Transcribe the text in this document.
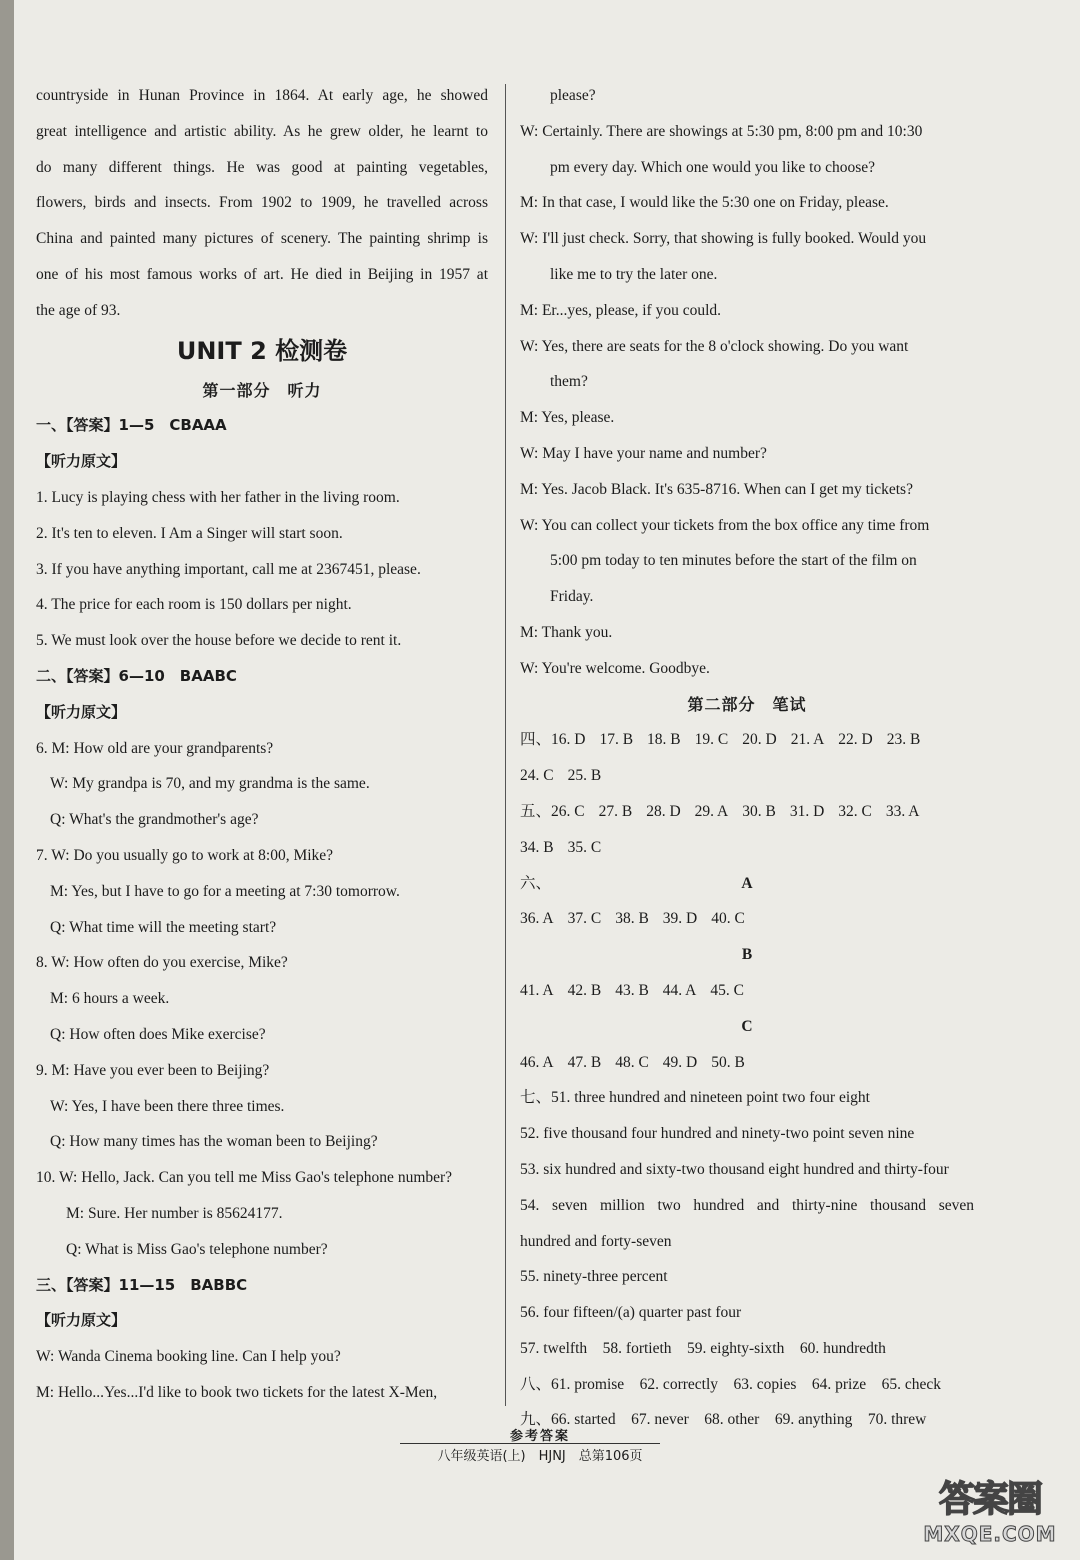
countryside in Hunan Province in 1864. At early age, he showed
great intelligence and artistic ability. As he grew older, he learnt to
do many different things. He was good at painting vegetables,
flowers, birds and insects. From 1902 to 1909, he travelled across
China and painted many pictures of scenery. The painting shrimp is
one of his most famous works of art. He died in Beijing in 1957 at
the age of 93.
UNIT 2 检测卷
第一部分　听力
一、【答案】1—5　CBAAA
【听力原文】
1. Lucy is playing chess with her father in the living room.
2. It's ten to eleven. I Am a Singer will start soon.
3. If you have anything important, call me at 2367451, please.
4. The price for each room is 150 dollars per night.
5. We must look over the house before we decide to rent it.
二、【答案】6—10　BAABC
【听力原文】
6. M: How old are your grandparents?
W: My grandpa is 70, and my grandma is the same.
Q: What's the grandmother's age?
7. W: Do you usually go to work at 8:00, Mike?
M: Yes, but I have to go for a meeting at 7:30 tomorrow.
Q: What time will the meeting start?
8. W: How often do you exercise, Mike?
M: 6 hours a week.
Q: How often does Mike exercise?
9. M: Have you ever been to Beijing?
W: Yes, I have been there three times.
Q: How many times has the woman been to Beijing?
10. W: Hello, Jack. Can you tell me Miss Gao's telephone number?
M: Sure. Her number is 85624177.
Q: What is Miss Gao's telephone number?
三、【答案】11—15　BABBC
【听力原文】
W: Wanda Cinema booking line. Can I help you?
M: Hello...Yes...I'd like to book two tickets for the latest X-Men,
please?
W: Certainly. There are showings at 5:30 pm, 8:00 pm and 10:30
pm every day. Which one would you like to choose?
M: In that case, I would like the 5:30 one on Friday, please.
W: I'll just check. Sorry, that showing is fully booked. Would you
like me to try the later one.
M: Er...yes, please, if you could.
W: Yes, there are seats for the 8 o'clock showing. Do you want
them?
M: Yes, please.
W: May I have your name and number?
M: Yes. Jacob Black. It's 635-8716. When can I get my tickets?
W: You can collect your tickets from the box office any time from
5:00 pm today to ten minutes before the start of the film on
Friday.
M: Thank you.
W: You're welcome. Goodbye.
第二部分　笔试
四、16. D 17. B 18. B 19. C 20. D 21. A 22. D 23. B
24. C 25. B
五、26. C 27. B 28. D 29. A 30. B 31. D 32. C 33. A
34. B 35. C
六、	A
36. A 37. C 38. B 39. D 40. C
B
41. A 42. B 43. B 44. A 45. C
C
46. A 47. B 48. C 49. D 50. B
七、51. three hundred and nineteen point two four eight
52. five thousand four hundred and ninety-two point seven nine
53. six hundred and sixty-two thousand eight hundred and thirty-four
54. seven million two hundred and thirty-nine thousand seven
hundred and forty-seven
55. ninety-three percent
56. four fifteen/(a) quarter past four
57. twelfth　58. fortieth　59. eighty-sixth　60. hundredth
八、61. promise　62. correctly　63. copies　64. prize　65. check
九、66. started　67. never　68. other　69. anything　70. threw
参考答案
八年级英语(上)　HJNJ　总第106页
答案圈
MXQE.COM
